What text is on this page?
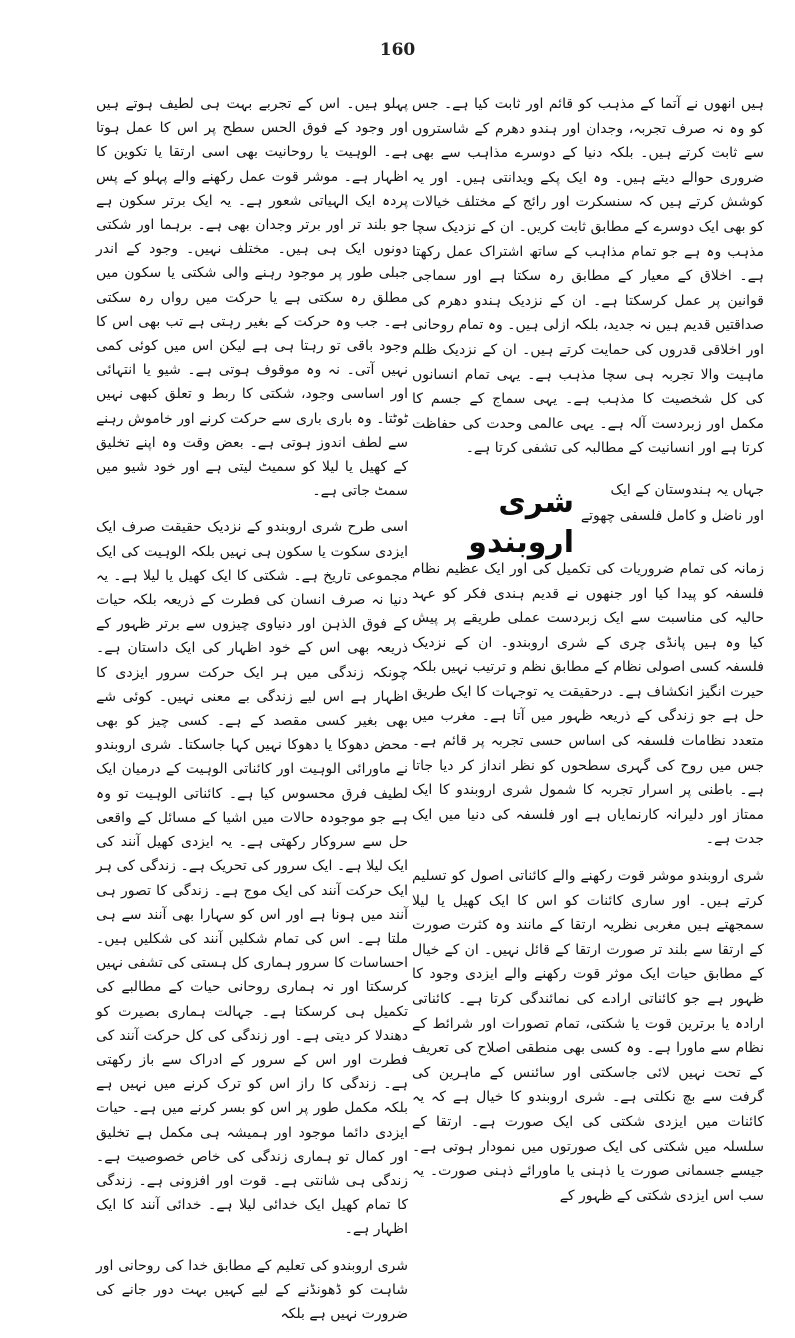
160

ہیں انھوں نے آتما کے مذہب کو قائم اور ثابت کیا ہے۔ جس کو وہ نہ صرف تجربہ، وجدان اور ہندو دھرم کے شاستروں سے ثابت کرتے ہیں۔ بلکہ دنیا کے دوسرے مذاہب سے بھی ضروری حوالے دیتے ہیں۔ وہ ایک پکے ویدانتی ہیں۔ اور یہ کوشش کرتے ہیں کہ سنسکرت اور رائج کے مختلف خیالات کو بھی ایک دوسرے کے مطابق ثابت کریں۔ ان کے نزدیک سچا مذہب وہ ہے جو تمام مذاہب کے ساتھ اشتراک عمل رکھتا ہے۔ اخلاق کے معیار کے مطابق رہ سکتا ہے اور سماجی قوانین پر عمل کرسکتا ہے۔ ان کے نزدیک ہندو دھرم کی صداقتیں قدیم ہیں نہ جدید، بلکہ ازلی ہیں۔ وہ تمام روحانی اور اخلاقی قدروں کی حمایت کرتے ہیں۔ ان کے نزدیک ظلم ماہیت والا تجربہ ہی سچا مذہب ہے۔ یہی تمام انسانوں کی کل شخصیت کا مذہب ہے۔ یہی سماج کے جسم کا مکمل اور زبردست آلہ ہے۔ یہی عالمی وحدت کی حفاظت کرتا ہے اور انسانیت کے مطالبہ کی تشفی کرتا ہے۔

شری اروبندو
جہاں یہ ہندوستان کے ایک
اور ناضل و کامل فلسفی چھوتے

زمانہ کی تمام ضروریات کی تکمیل کی اور ایک عظیم نظام فلسفہ کو پیدا کیا اور جنھوں نے قدیم ہندی فکر کو عہد حالیہ کی مناسبت سے ایک زبردست عملی طریقے پر پیش کیا وہ ہیں پانڈی چری کے شری اروبندو۔ ان کے نزدیک فلسفہ کسی اصولی نظام کے مطابق نظم و ترتیب نہیں بلکہ حیرت انگیز انکشاف ہے۔ درحقیقت یہ توجہات کا ایک طریق حل ہے جو زندگی کے ذریعہ ظہور میں آتا ہے۔ مغرب میں متعدد نظامات فلسفہ کی اساس حسی تجربہ پر قائم ہے۔ جس میں روح کی گہری سطحوں کو نظر انداز کر دیا جاتا ہے۔ باطنی پر اسرار تجربہ کا شمول شری اروبندو کا ایک ممتاز اور دلیرانہ کارنمایاں ہے اور فلسفہ کی دنیا میں ایک جدت ہے۔

شری اروبندو موشر قوت رکھنے والے کائناتی اصول کو تسلیم کرتے ہیں۔ اور ساری کائنات کو اس کا ایک کھیل یا لیلا سمجھتے ہیں مغربی نظریہ ارتقا کے مانند وہ کثرت صورت کے ارتقا سے بلند تر صورت ارتقا کے قائل نہیں۔ ان کے خیال کے مطابق حیات ایک موثر قوت رکھنے والے ایزدی وجود کا ظہور ہے جو کائناتی ارادے کی نمائندگی کرتا ہے۔ کائناتی ارادہ یا برترین قوت یا شکتی، تمام تصورات اور شرائط کے نظام سے ماورا ہے۔ وہ کسی بھی منطقی اصلاح کی تعریف کے تحت نہیں لائی جاسکتی اور سائنس کے ماہرین کی گرفت سے بچ نکلتی ہے۔ شری اروبندو کا خیال ہے کہ یہ کائنات میں ایزدی شکتی کی ایک صورت ہے۔ ارتقا کے سلسلہ میں شکتی کی ایک صورتوں میں نمودار ہوتی ہے۔ جیسے جسمانی صورت یا ذہنی یا ماورائے ذہنی صورت۔ یہ سب اس ایزدی شکتی کے ظہور کے

پہلو ہیں۔ اس کے تجربے بہت ہی لطیف ہوتے ہیں اور وجود کے فوق الحس سطح پر اس کا عمل ہوتا ہے۔ الوہیت یا روحانیت بھی اسی ارتقا یا تکوین کا اظہار ہے۔ موشر قوت عمل رکھنے والے پہلو کے پس پردہ ایک الہیاتی شعور ہے۔ یہ ایک برتر سکون ہے جو بلند تر اور برتر وجدان بھی ہے۔ برہما اور شکتی دونوں ایک ہی ہیں۔ مختلف نہیں۔ وجود کے اندر جبلی طور پر موجود رہنے والی شکتی یا سکون میں مطلق رہ سکتی ہے یا حرکت میں رواں رہ سکتی ہے۔ جب وہ حرکت کے بغیر رہتی ہے تب بھی اس کا وجود باقی تو رہتا ہی ہے لیکن اس میں کوئی کمی نہیں آتی۔ نہ وہ موقوف ہوتی ہے۔ شیو یا انتہائی اور اساسی وجود، شکتی کا ربط و تعلق کبھی نہیں ٹوٹتا۔ وہ باری باری سے حرکت کرنے اور خاموش رہنے سے لطف اندوز ہوتی ہے۔ بعض وقت وہ اپنے تخلیق کے کھیل یا لیلا کو سمیٹ لیتی ہے اور خود شیو میں سمٹ جاتی ہے۔

اسی طرح شری اروبندو کے نزدیک حقیقت صرف ایک ایزدی سکوت یا سکون ہی نہیں بلکہ الوہیت کی ایک مجموعی تاریخ ہے۔ شکتی کا ایک کھیل یا لیلا ہے۔ یہ دنیا نہ صرف انسان کی فطرت کے ذریعہ بلکہ حیات کے فوق الذہن اور دنیاوی چیزوں سے برتر ظہور کے ذریعہ بھی اس کے خود اظہار کی ایک داستان ہے۔ چونکہ زندگی میں ہر ایک حرکت سرور ایزدی کا اظہار ہے اس لیے زندگی بے معنی نہیں۔ کوئی شے بھی بغیر کسی مقصد کے ہے۔ کسی چیز کو بھی محض دھوکا یا دھوکا نہیں کہا جاسکتا۔ شری اروبندو نے ماورائی الوہیت اور کائناتی الوہیت کے درمیان ایک لطیف فرق محسوس کیا ہے۔ کائناتی الوہیت تو وہ ہے جو موجودہ حالات میں اشیا کے مسائل کے واقعی حل سے سروکار رکھتی ہے۔ یہ ایزدی کھیل آنند کی ایک لیلا ہے۔ ایک سرور کی تحریک ہے۔ زندگی کی ہر ایک حرکت آنند کی ایک موج ہے۔ زندگی کا تصور ہی آنند میں ہونا ہے اور اس کو سہارا بھی آنند سے ہی ملتا ہے۔ اس کی تمام شکلیں آنند کی شکلیں ہیں۔ احساسات کا سرور ہماری کل ہستی کی تشفی نہیں کرسکتا اور نہ ہماری روحانی حیات کے مطالبے کی تکمیل ہی کرسکتا ہے۔ جہالت ہماری بصیرت کو دھندلا کر دیتی ہے۔ اور زندگی کی کل حرکت آنند کی فطرت اور اس کے سرور کے ادراک سے باز رکھتی ہے۔ زندگی کا راز اس کو ترک کرنے میں نہیں ہے بلکہ مکمل طور پر اس کو بسر کرنے میں ہے۔ حیات ایزدی دائما موجود اور ہمیشہ ہی مکمل ہے تخلیق اور کمال تو ہماری زندگی کی خاص خصوصیت ہے۔ زندگی ہی شانتی ہے۔ قوت اور افزونی ہے۔ زندگی کا تمام کھیل ایک خدائی لیلا ہے۔ خدائی آنند کا ایک اظہار ہے۔

شری اروبندو کی تعلیم کے مطابق خدا کی روحانی اور شاہت کو ڈھونڈنے کے لیے کہیں بہت دور جانے کی ضرورت نہیں ہے بلکہ
